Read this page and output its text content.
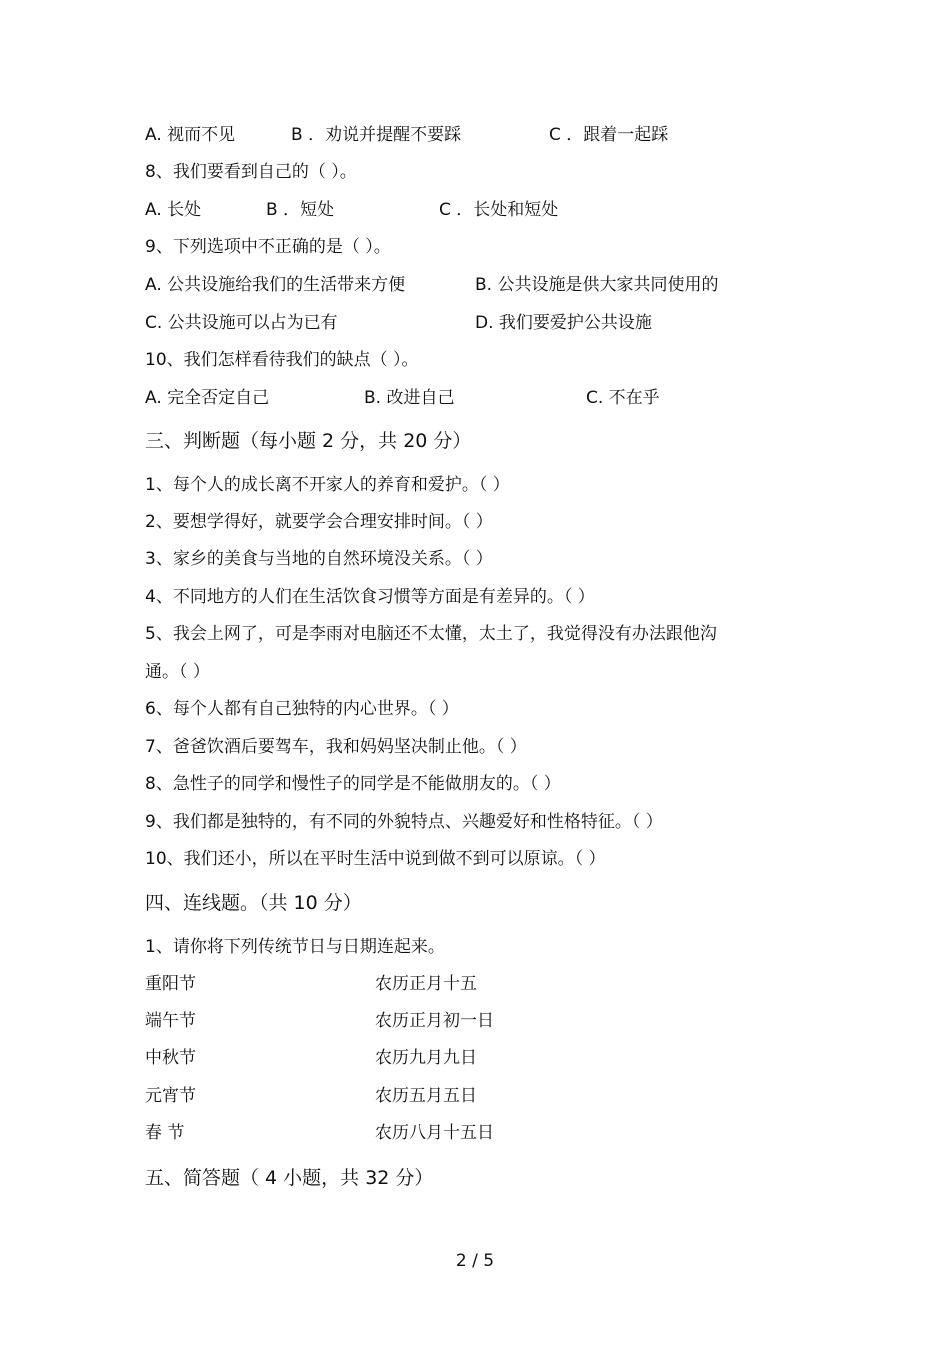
A. 视而不见	B ．劝说并提醒不要踩	C ．跟着一起踩
8、我们要看到自己的（ ）。
A. 长处	B ．短处	C ．长处和短处
9、下列选项中不正确的是（ ）。
A. 公共设施给我们的生活带来方便	B. 公共设施是供大家共同使用的
C. 公共设施可以占为已有	D. 我们要爱护公共设施
10、我们怎样看待我们的缺点（ ）。
A. 完全否定自己	B. 改进自己	C. 不在乎
三、判断题（每小题 2 分，共 20 分）
1、每个人的成长离不开家人的养育和爱护。（ ）
2、要想学得好，就要学会合理安排时间。（ ）
3、家乡的美食与当地的自然环境没关系。（ ）
4、不同地方的人们在生活饮食习惯等方面是有差异的。（ ）
5、我会上网了，可是李雨对电脑还不太懂，太土了，我觉得没有办法跟他沟
通。（ ）
6、每个人都有自己独特的内心世界。（ ）
7、爸爸饮酒后要驾车，我和妈妈坚决制止他。（ ）
8、急性子的同学和慢性子的同学是不能做朋友的。（ ）
9、我们都是独特的，有不同的外貌特点、兴趣爱好和性格特征。（ ）
10、我们还小，所以在平时生活中说到做不到可以原谅。（ ）
四、连线题。（共 10 分）
1、请你将下列传统节日与日期连起来。
重阳节	农历正月十五
端午节	农历正月初一日
中秋节	农历九月九日
元宵节	农历五月五日
春 节	农历八月十五日
五、简答题（ 4 小题，共 32 分）
2 / 5
